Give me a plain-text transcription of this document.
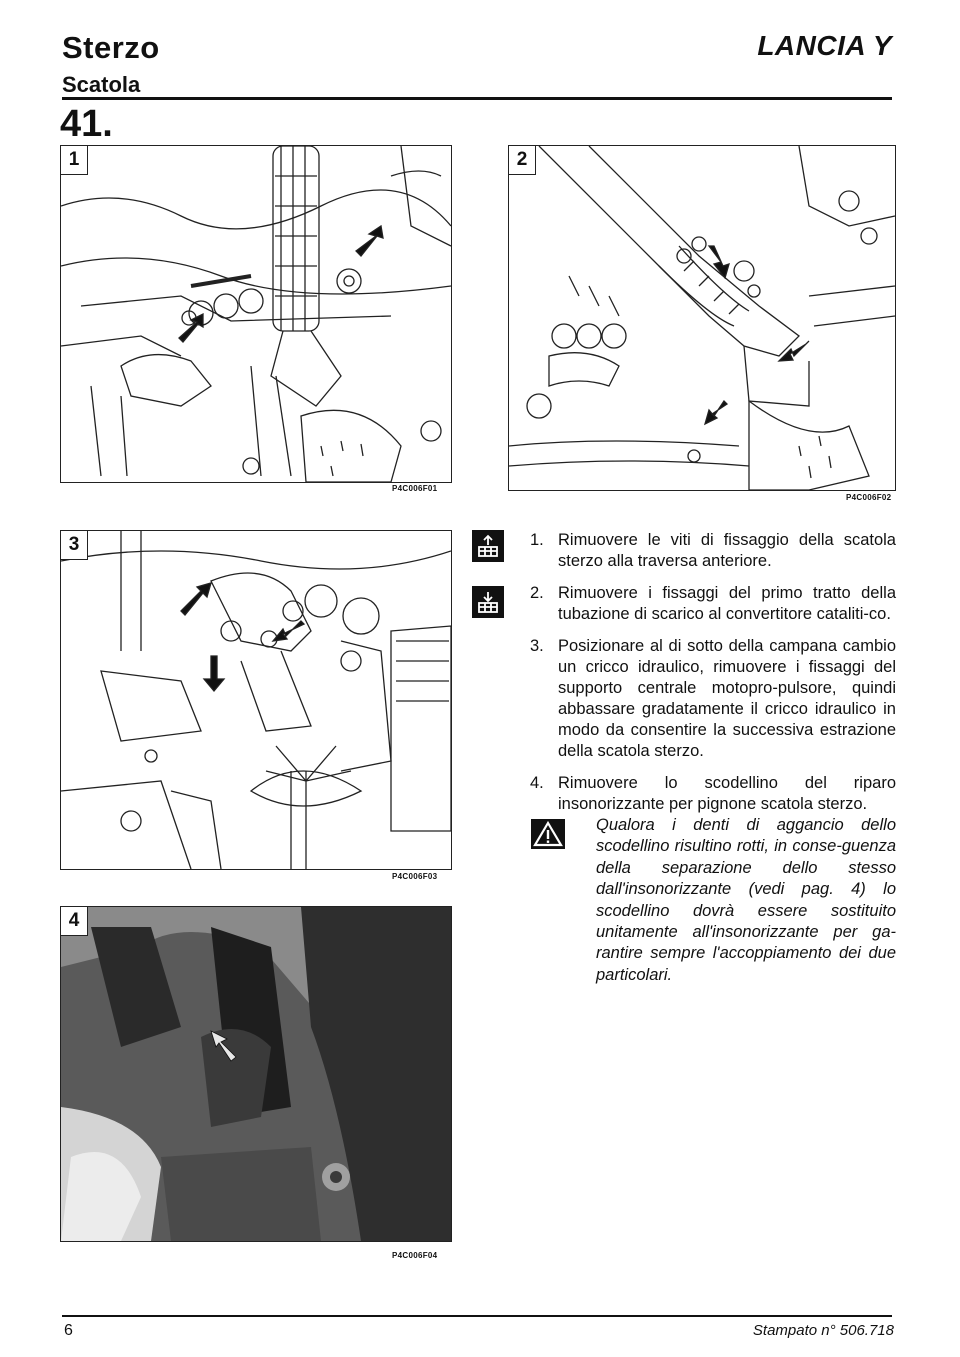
Sterzo
Scatola
LANCIA Y
41.
1
P4C006F01
2
P4C006F02
3
P4C006F03
4
P4C006F04
1. Rimuovere le viti di fissaggio della scatola sterzo alla traversa anteriore.
2. Rimuovere i fissaggi del primo tratto della tubazione di scarico al convertitore cataliti-co.
3. Posizionare al di sotto della campana cambio un cricco idraulico, rimuovere i fissaggi del supporto centrale motopro-pulsore, quindi abbassare gradatamente il cricco idraulico in modo da consentire la successiva estrazione della scatola sterzo.
4. Rimuovere lo scodellino del riparo insonorizzante per pignone scatola sterzo.
Qualora i denti di aggancio dello scodellino risultino rotti, in conse-guenza della separazione dello stesso dall'insonorizzante (vedi pag. 4) lo scodellino dovrà essere sostituito unitamente all'insonorizzante per ga-rantire sempre l'accoppiamento dei due particolari.
6	Stampato n° 506.718
